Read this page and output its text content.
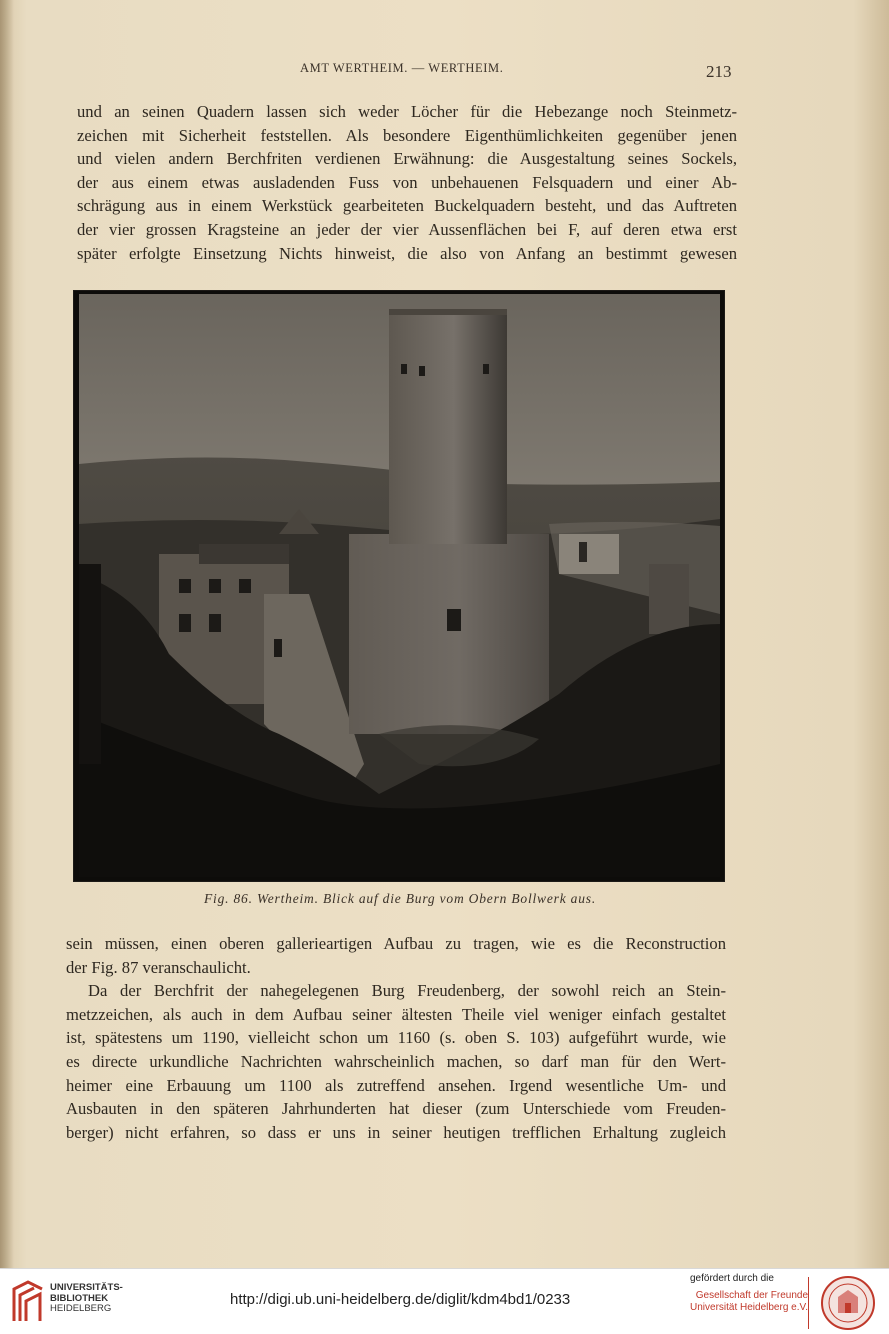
AMT WERTHEIM. — WERTHEIM.	213
und an seinen Quadern lassen sich weder Löcher für die Hebezange noch Steinmetz-
zeichen mit Sicherheit feststellen. Als besondere Eigenthümlichkeiten gegenüber jenen
und vielen andern Berchfriten verdienen Erwähnung: die Ausgestaltung seines Sockels,
der aus einem etwas ausladenden Fuss von unbehauenen Felsquadern und einer Ab-
schrägung aus in einem Werkstück gearbeiteten Buckelquadern besteht, und das Auftreten
der vier grossen Kragsteine an jeder der vier Aussenflächen bei F, auf deren etwa erst
später erfolgte Einsetzung Nichts hinweist, die also von Anfang an bestimmt gewesen
Fig. 86. Wertheim. Blick auf die Burg vom Obern Bollwerk aus.
sein müssen, einen oberen gallerieartigen Aufbau zu tragen, wie es die Reconstruction
der Fig. 87 veranschaulicht.
Da der Berchfrit der nahegelegenen Burg Freudenberg, der sowohl reich an Stein-
metzzeichen, als auch in dem Aufbau seiner ältesten Theile viel weniger einfach gestaltet
ist, spätestens um 1190, vielleicht schon um 1160 (s. oben S. 103) aufgeführt wurde, wie
es directe urkundliche Nachrichten wahrscheinlich machen, so darf man für den Wert-
heimer eine Erbauung um 1100 als zutreffend ansehen. Irgend wesentliche Um- und
Ausbauten in den späteren Jahrhunderten hat dieser (zum Unterschiede vom Freuden-
berger) nicht erfahren, so dass er uns in seiner heutigen trefflichen Erhaltung zugleich
UNIVERSITÄTS-
BIBLIOTHEK
HEIDELBERG
http://digi.ub.uni-heidelberg.de/diglit/kdm4bd1/0233
gefördert durch die
Gesellschaft der Freunde
Universität Heidelberg e.V.
